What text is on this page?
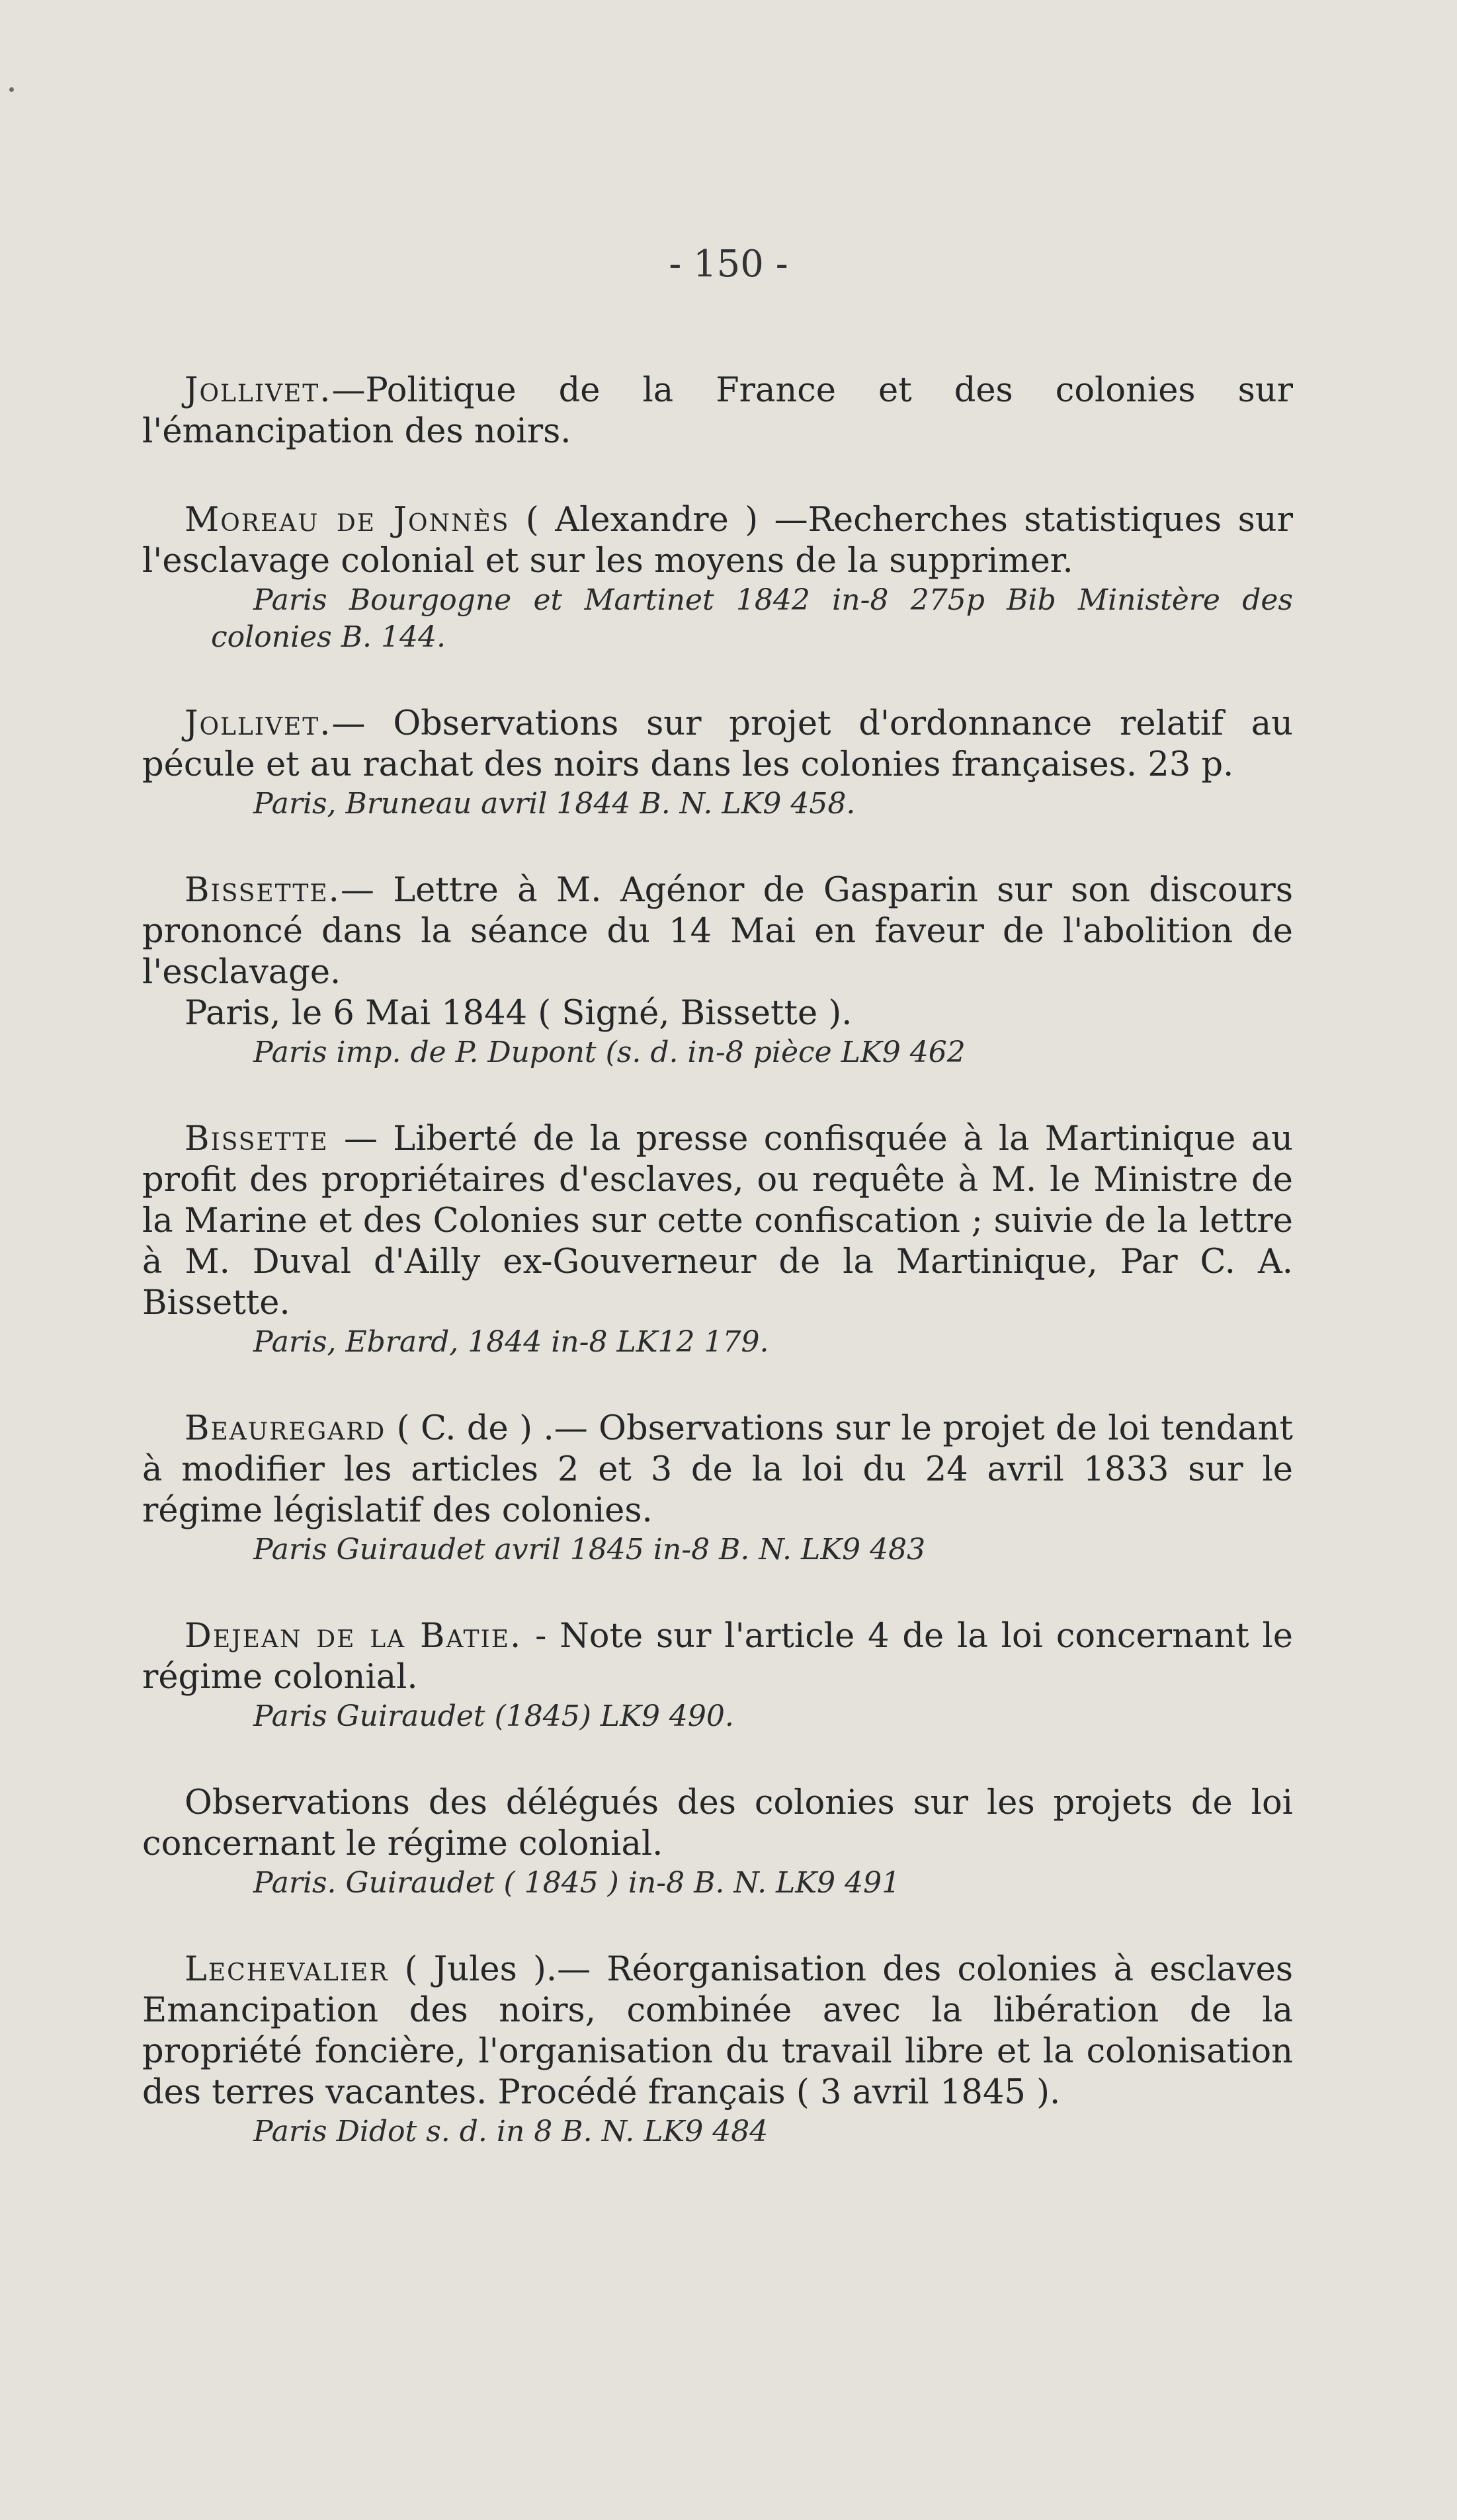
- 150 -

Jollivet.—Politique de la France et des colonies sur l'émancipation des noirs.

Moreau de Jonnès ( Alexandre ) —Recherches statistiques sur l'esclavage colonial et sur les moyens de la supprimer.

Paris Bourgogne et Martinet 1842 in-8 275p Bib Ministère des colonies B. 144.

Jollivet.— Observations sur projet d'ordonnance relatif au pécule et au rachat des noirs dans les colonies françaises. 23 p.

Paris, Bruneau avril 1844 B. N. LK9 458.

Bissette.— Lettre à M. Agénor de Gasparin sur son discours prononcé dans la séance du 14 Mai en faveur de l'abolition de l'esclavage.

Paris, le 6 Mai 1844 ( Signé, Bissette ).

Paris imp. de P. Dupont (s. d. in-8 pièce LK9 462

Bissette — Liberté de la presse confisquée à la Martinique au profit des propriétaires d'esclaves, ou requête à M. le Ministre de la Marine et des Colonies sur cette confiscation ; suivie de la lettre à M. Duval d'Ailly ex-Gouverneur de la Martinique, Par C. A. Bissette.

Paris, Ebrard, 1844 in-8 LK12 179.

Beauregard ( C. de ) .— Observations sur le projet de loi tendant à modifier les articles 2 et 3 de la loi du 24 avril 1833 sur le régime législatif des colonies.

Paris Guiraudet avril 1845 in-8 B. N. LK9 483

Dejean de la Batie. - Note sur l'article 4 de la loi concernant le régime colonial.

Paris Guiraudet (1845) LK9 490.

Observations des délégués des colonies sur les projets de loi concernant le régime colonial.

Paris. Guiraudet ( 1845 ) in-8 B. N. LK9 491

Lechevalier ( Jules ).— Réorganisation des colonies à esclaves Emancipation des noirs, combinée avec la libération de la propriété foncière, l'organisation du travail libre et la colonisation des terres vacantes. Procédé français ( 3 avril 1845 ).

Paris Didot s. d. in 8 B. N. LK9 484
